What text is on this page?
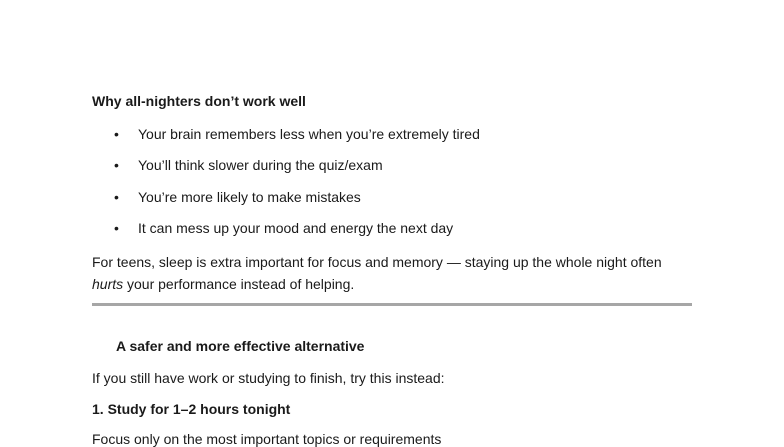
Why all-nighters don’t work well
• Your brain remembers less when you’re extremely tired
• You’ll think slower during the quiz/exam
• You’re more likely to make mistakes
• It can mess up your mood and energy the next day

For teens, sleep is extra important for focus and memory — staying up the whole night often hurts your performance instead of helping.

A safer and more effective alternative
If you still have work or studying to finish, try this instead:
1. Study for 1–2 hours tonight
Focus only on the most important topics or requirements
